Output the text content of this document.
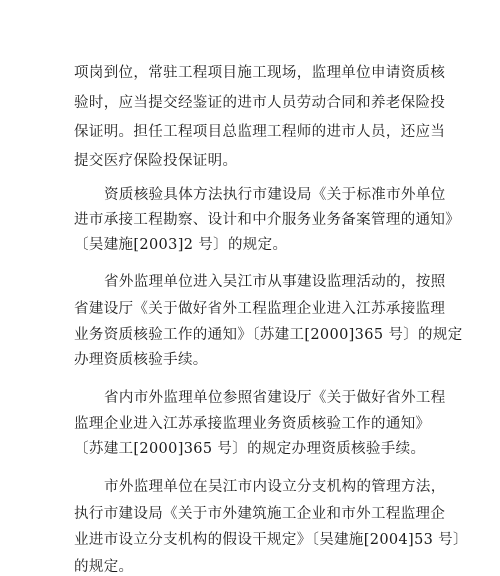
项岗到位，常驻工程项目施工现场，监理单位申请资质核
验时，应当提交经鉴证的进市人员劳动合同和养老保险投
保证明。担任工程项目总监理工程师的进市人员，还应当
提交医疗保险投保证明。
资质核验具体方法执行市建设局《关于标准市外单位
进市承接工程勘察、设计和中介服务业务备案管理的通知》
〔吴建施[2003]2 号〕的规定。
省外监理单位进入吴江市从事建设监理活动的，按照
省建设厅《关于做好省外工程监理企业进入江苏承接监理
业务资质核验工作的通知》〔苏建工[2000]365 号〕的规定
办理资质核验手续。
省内市外监理单位参照省建设厅《关于做好省外工程
监理企业进入江苏承接监理业务资质核验工作的通知》
〔苏建工[2000]365 号〕的规定办理资质核验手续。
市外监理单位在吴江市内设立分支机构的管理方法，
执行市建设局《关于市外建筑施工企业和市外工程监理企
业进市设立分支机构的假设干规定》〔吴建施[2004]53 号〕
的规定。
